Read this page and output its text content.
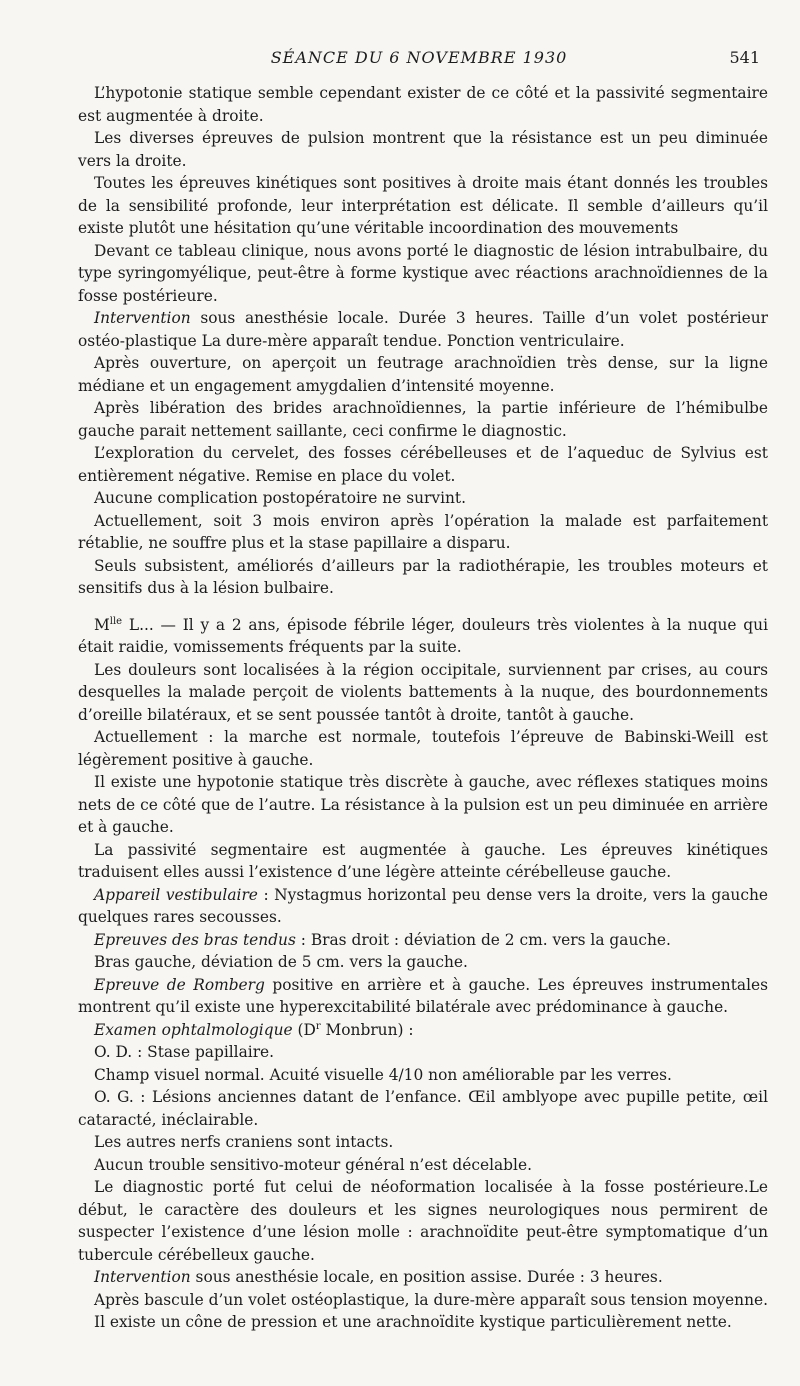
SÉANCE DU 6 NOVEMBRE 1930	541

L’hypotonie statique semble cependant exister de ce côté et la passivité segmentaire est augmentée à droite.

Les diverses épreuves de pulsion montrent que la résistance est un peu diminuée vers la droite.

Toutes les épreuves kinétiques sont positives à droite mais étant donnés les troubles de la sensibilité profonde, leur interprétation est délicate. Il semble d’ailleurs qu’il existe plutôt une hésitation qu’une véritable incoordination des mouvements

Devant ce tableau clinique, nous avons porté le diagnostic de lésion intrabulbaire, du type syringomyélique, peut-être à forme kystique avec réactions arachnoïdiennes de la fosse postérieure.

Intervention sous anesthésie locale. Durée 3 heures. Taille d’un volet postérieur ostéo-plastique La dure-mère apparaît tendue. Ponction ventriculaire.

Après ouverture, on aperçoit un feutrage arachnoïdien très dense, sur la ligne médiane et un engagement amygdalien d’intensité moyenne.

Après libération des brides arachnoïdiennes, la partie inférieure de l’hémibulbe gauche parait nettement saillante, ceci confirme le diagnostic.

L’exploration du cervelet, des fosses cérébelleuses et de l’aqueduc de Sylvius est entièrement négative. Remise en place du volet.

Aucune complication postopératoire ne survint.

Actuellement, soit 3 mois environ après l’opération la malade est parfaitement rétablie, ne souffre plus et la stase papillaire a disparu.

Seuls subsistent, améliorés d’ailleurs par la radiothérapie, les troubles moteurs et sensitifs dus à la lésion bulbaire.

$M^{lle}$ L... — Il y a 2 ans, épisode fébrile léger, douleurs très violentes à la nuque qui était raidie, vomissements fréquents par la suite.

Les douleurs sont localisées à la région occipitale, surviennent par crises, au cours desquelles la malade perçoit de violents battements à la nuque, des bourdonnements d’oreille bilatéraux, et se sent poussée tantôt à droite, tantôt à gauche.

Actuellement : la marche est normale, toutefois l’épreuve de Babinski-Weill est légèrement positive à gauche.

Il existe une hypotonie statique très discrète à gauche, avec réflexes statiques moins nets de ce côté que de l’autre. La résistance à la pulsion est un peu diminuée en arrière et à gauche.

La passivité segmentaire est augmentée à gauche. Les épreuves kinétiques traduisent elles aussi l’existence d’une légère atteinte cérébelleuse gauche.

Appareil vestibulaire : Nystagmus horizontal peu dense vers la droite, vers la gauche quelques rares secousses.

Epreuves des bras tendus : Bras droit : déviation de 2 cm. vers la gauche.

Bras gauche, déviation de 5 cm. vers la gauche.

Epreuve de Romberg positive en arrière et à gauche. Les épreuves instrumentales montrent qu’il existe une hyperexcitabilité bilatérale avec prédominance à gauche.

Examen ophtalmologique ($D^r$ Monbrun) :

O. D. : Stase papillaire.

Champ visuel normal. Acuité visuelle 4/10 non améliorable par les verres.

O. G. : Lésions anciennes datant de l’enfance. Œil amblyope avec pupille petite, œil cataracté, inéclairable.

Les autres nerfs craniens sont intacts.

Aucun trouble sensitivo-moteur général n’est décelable.

Le diagnostic porté fut celui de néoformation localisée à la fosse postérieure.Le début, le caractère des douleurs et les signes neurologiques nous permirent de suspecter l’existence d’une lésion molle : arachnoïdite peut-être symptomatique d’un tubercule cérébelleux gauche.

Intervention sous anesthésie locale, en position assise. Durée : 3 heures.

Après bascule d’un volet ostéoplastique, la dure-mère apparaît sous tension moyenne.

Il existe un cône de pression et une arachnoïdite kystique particulièrement nette.
